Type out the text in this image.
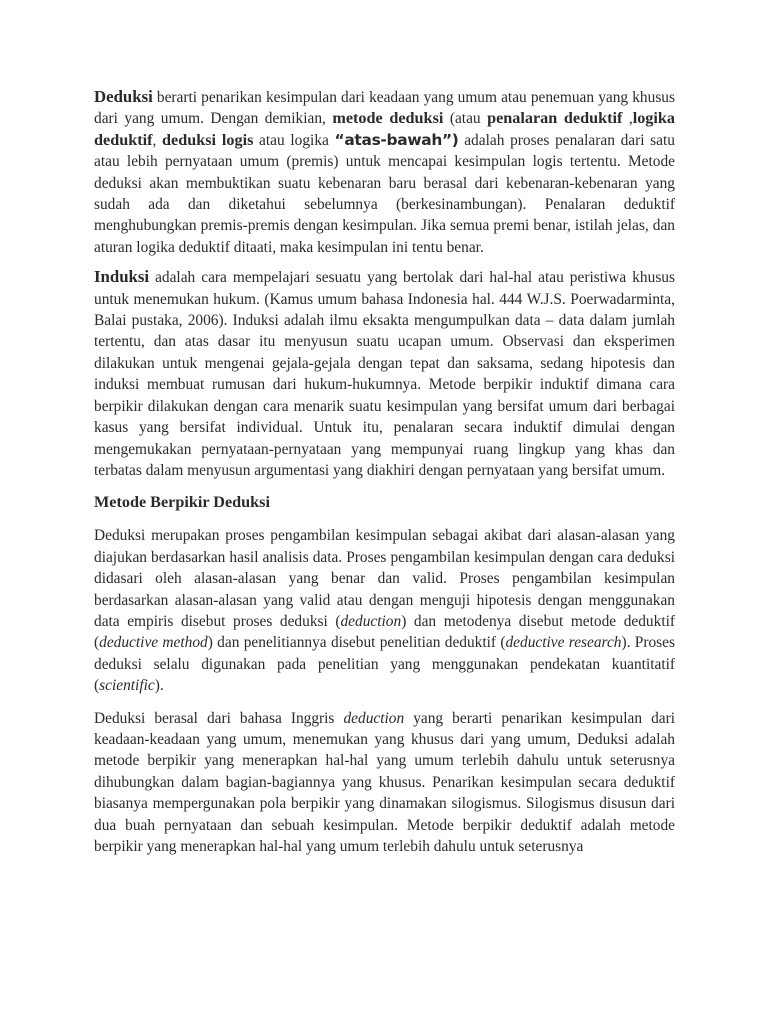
Deduksi berarti penarikan kesimpulan dari keadaan yang umum atau penemuan yang khusus dari yang umum. Dengan demikian, metode deduksi (atau penalaran deduktif ,logika deduktif, deduksi logis atau logika “atas-bawah”) adalah proses penalaran dari satu atau lebih pernyataan umum (premis) untuk mencapai kesimpulan logis tertentu. Metode deduksi akan membuktikan suatu kebenaran baru berasal dari kebenaran-kebenaran yang sudah ada dan diketahui sebelumnya (berkesinambungan). Penalaran deduktif menghubungkan premis-premis dengan kesimpulan. Jika semua premi benar, istilah jelas, dan aturan logika deduktif ditaati, maka kesimpulan ini tentu benar.

Induksi adalah cara mempelajari sesuatu yang bertolak dari hal-hal atau peristiwa khusus untuk menemukan hukum. (Kamus umum bahasa Indonesia hal. 444 W.J.S. Poerwadarminta, Balai pustaka, 2006). Induksi adalah ilmu eksakta mengumpulkan data – data dalam jumlah tertentu, dan atas dasar itu menyusun suatu ucapan umum. Observasi dan eksperimen dilakukan untuk mengenai gejala-gejala dengan tepat dan saksama, sedang hipotesis dan induksi membuat rumusan dari hukum-hukumnya. Metode berpikir induktif dimana cara berpikir dilakukan dengan cara menarik suatu kesimpulan yang bersifat umum dari berbagai kasus yang bersifat individual. Untuk itu, penalaran secara induktif dimulai dengan mengemukakan pernyataan-pernyataan yang mempunyai ruang lingkup yang khas dan terbatas dalam menyusun argumentasi yang diakhiri dengan pernyataan yang bersifat umum.

Metode Berpikir Deduksi

Deduksi merupakan proses pengambilan kesimpulan sebagai akibat dari alasan-alasan yang diajukan berdasarkan hasil analisis data. Proses pengambilan kesimpulan dengan cara deduksi didasari oleh alasan-alasan yang benar dan valid. Proses pengambilan kesimpulan berdasarkan alasan-alasan yang valid atau dengan menguji hipotesis dengan menggunakan data empiris disebut proses deduksi (deduction) dan metodenya disebut metode deduktif (deductive method) dan penelitiannya disebut penelitian deduktif (deductive research). Proses deduksi selalu digunakan pada penelitian yang menggunakan pendekatan kuantitatif (scientific).

Deduksi berasal dari bahasa Inggris deduction yang berarti penarikan kesimpulan dari keadaan-keadaan yang umum, menemukan yang khusus dari yang umum, Deduksi adalah metode berpikir yang menerapkan hal-hal yang umum terlebih dahulu untuk seterusnya dihubungkan dalam bagian-bagiannya yang khusus. Penarikan kesimpulan secara deduktif biasanya mempergunakan pola berpikir yang dinamakan silogismus. Silogismus disusun dari dua buah pernyataan dan sebuah kesimpulan. Metode berpikir deduktif adalah metode berpikir yang menerapkan hal-hal yang umum terlebih dahulu untuk seterusnya
